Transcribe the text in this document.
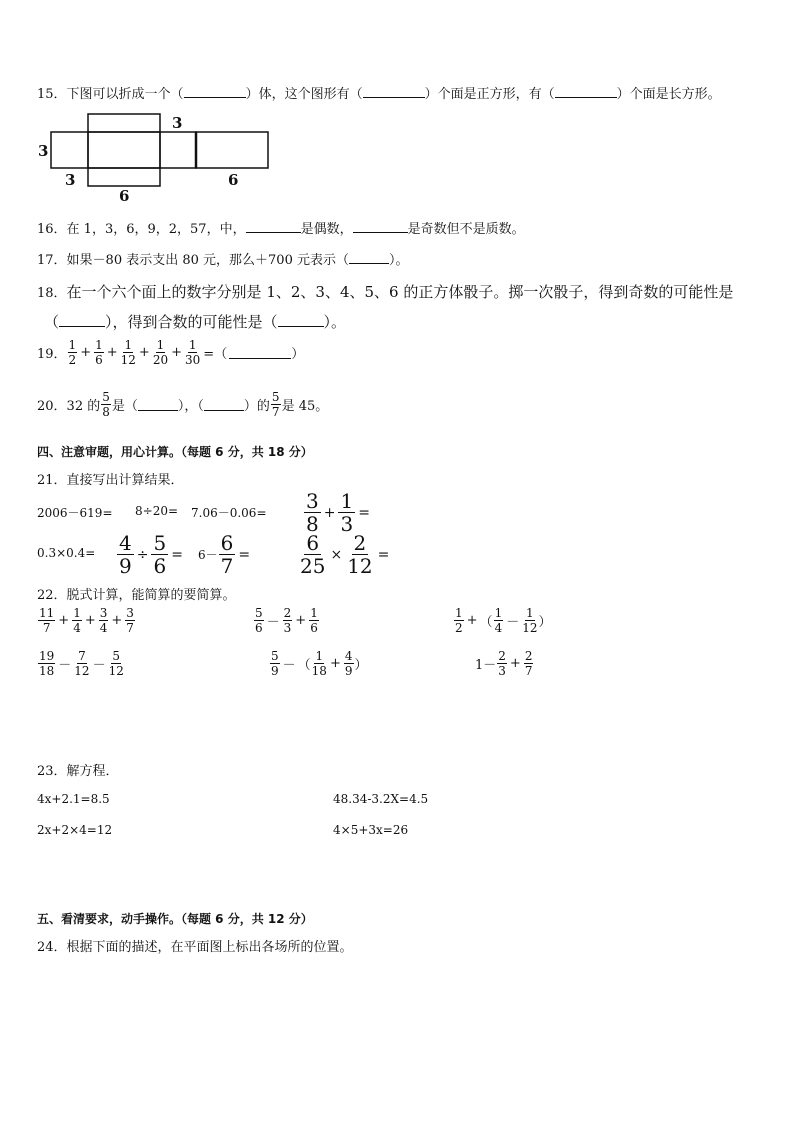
15．下图可以折成一个（	）体，这个图形有（	）个面是正方形，有（	）个面是长方形。
3
3
3
6
6
16．在 1，3，6，9，2，57，中，	是偶数，	是奇数但不是质数。
17．如果－80 表示支出 80 元，那么＋700 元表示（	）。
18．在一个六个面上的数字分别是 1、2、3、4、5、6 的正方体骰子。掷一次骰子，得到奇数的可能性是
（	），得到合数的可能性是（	）。
19． $\frac{1}{2} + \frac{1}{6} + \frac{1}{12} + \frac{1}{20} + \frac{1}{30}$ =（	）
20． 32 的 $\frac{5}{8}$ 是（	），（	）的 $\frac{5}{7}$ 是 45。
四、注意审题，用心计算。（每题 6 分，共 18 分）
21．直接写出计算结果．
$2006-619= 8\div 20= 7.06-0.06= \frac{3}{8} + \frac{1}{3}$ =
$0.3\times 0.4= \frac{4}{9} \div \frac{5}{6} = 6- \frac{6}{7} = \frac{6}{25} \times \frac{2}{12}$ =
22．脱式计算，能简算的要简算。
$\frac{11}{7} + \frac{1}{4} + \frac{3}{4} + \frac{3}{7}$	$\frac{5}{6} - \frac{2}{3} + \frac{1}{6}$	$\frac{1}{2}$ + （ $\frac{1}{4} - \frac{1}{12}$ ）
$\frac{19}{18} - \frac{7}{12} - \frac{5}{12}$	$\frac{5}{9}$ － （ $\frac{1}{18} + \frac{4}{9}$ ）	$1- \frac{2}{3} + \frac{2}{7}$
23．解方程．
4x+2.1=8.5	48.34-3.2X=4.5
2x+2×4=12	4×5+3x=26
五、看清要求，动手操作。（每题 6 分，共 12 分）
24．根据下面的描述，在平面图上标出各场所的位置。
